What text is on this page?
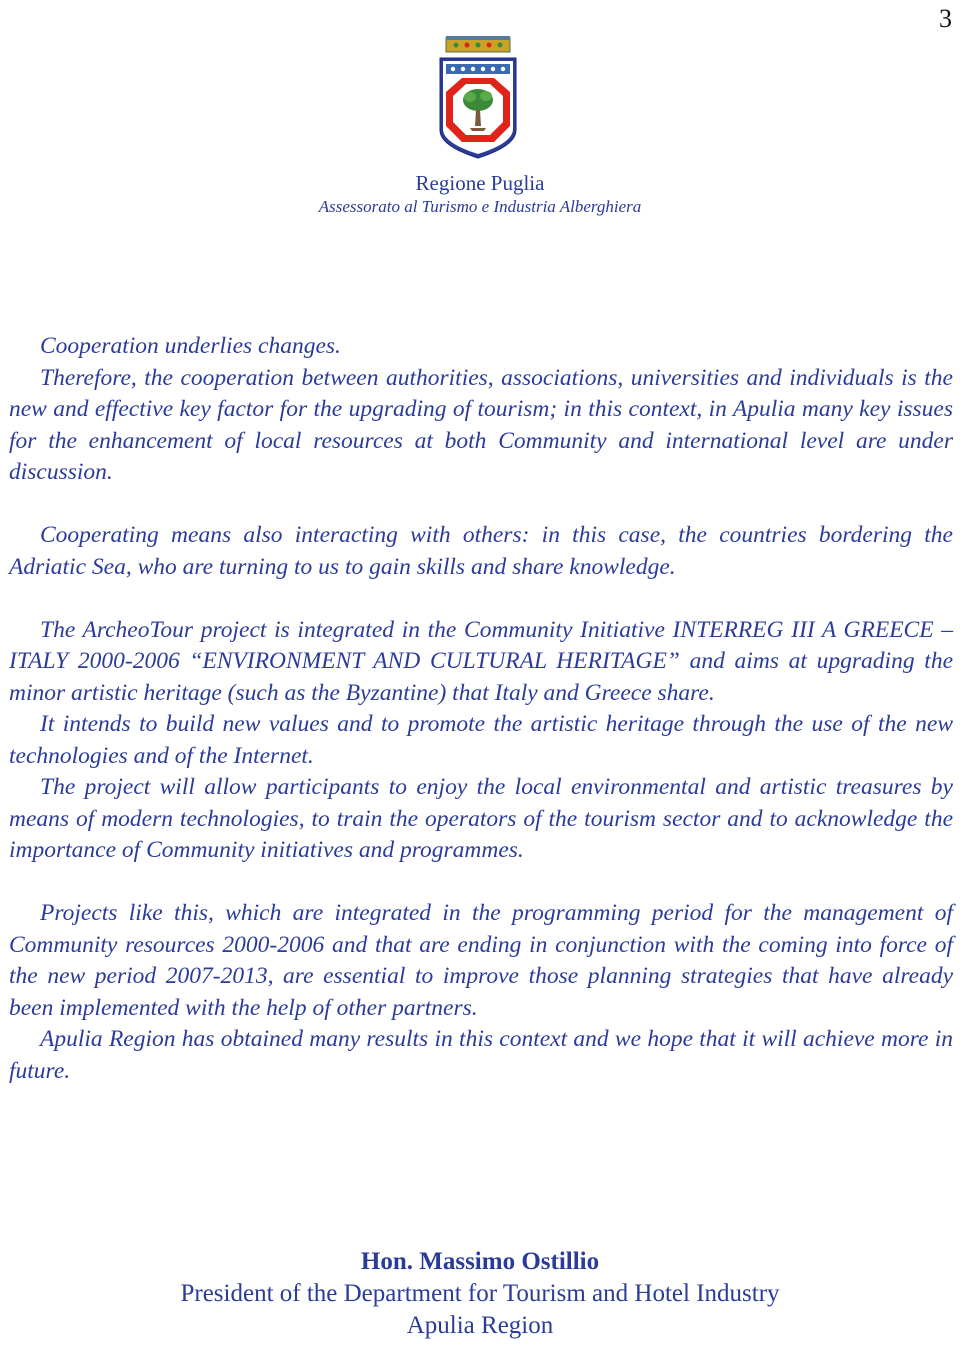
3
Regione Puglia
Assessorato al Turismo e Industria Alberghiera

Cooperation underlies changes.

Therefore, the cooperation between authorities, associations, universities and individuals is the new and effective key factor for the upgrading of tourism; in this context, in Apulia many key issues for the enhancement of local resources at both Community and international level are under discussion.

Cooperating means also interacting with others: in this case, the countries bordering the Adriatic Sea, who are turning to us to gain skills and share knowledge.

The ArcheoTour project is integrated in the Community Initiative INTERREG III A GREECE – ITALY 2000-2006 “ENVIRONMENT AND CULTURAL HERITAGE” and aims at upgrading the minor artistic heritage (such as the Byzantine) that Italy and Greece share.

It intends to build new values and to promote the artistic heritage through the use of the new technologies and of the Internet.

The project will allow participants to enjoy the local environmental and artistic treasures by means of modern technologies, to train the operators of the tourism sector and to acknowledge the importance of Community initiatives and programmes.

Projects like this, which are integrated in the programming period for the management of Community resources 2000-2006 and that are ending in conjunction with the coming into force of the new period 2007-2013, are essential to improve those planning strategies that have already been implemented with the help of other partners.

Apulia Region has obtained many results in this context and we hope that it will achieve more in future.

Hon. Massimo Ostillio
President of the Department for Tourism and Hotel Industry
Apulia Region
